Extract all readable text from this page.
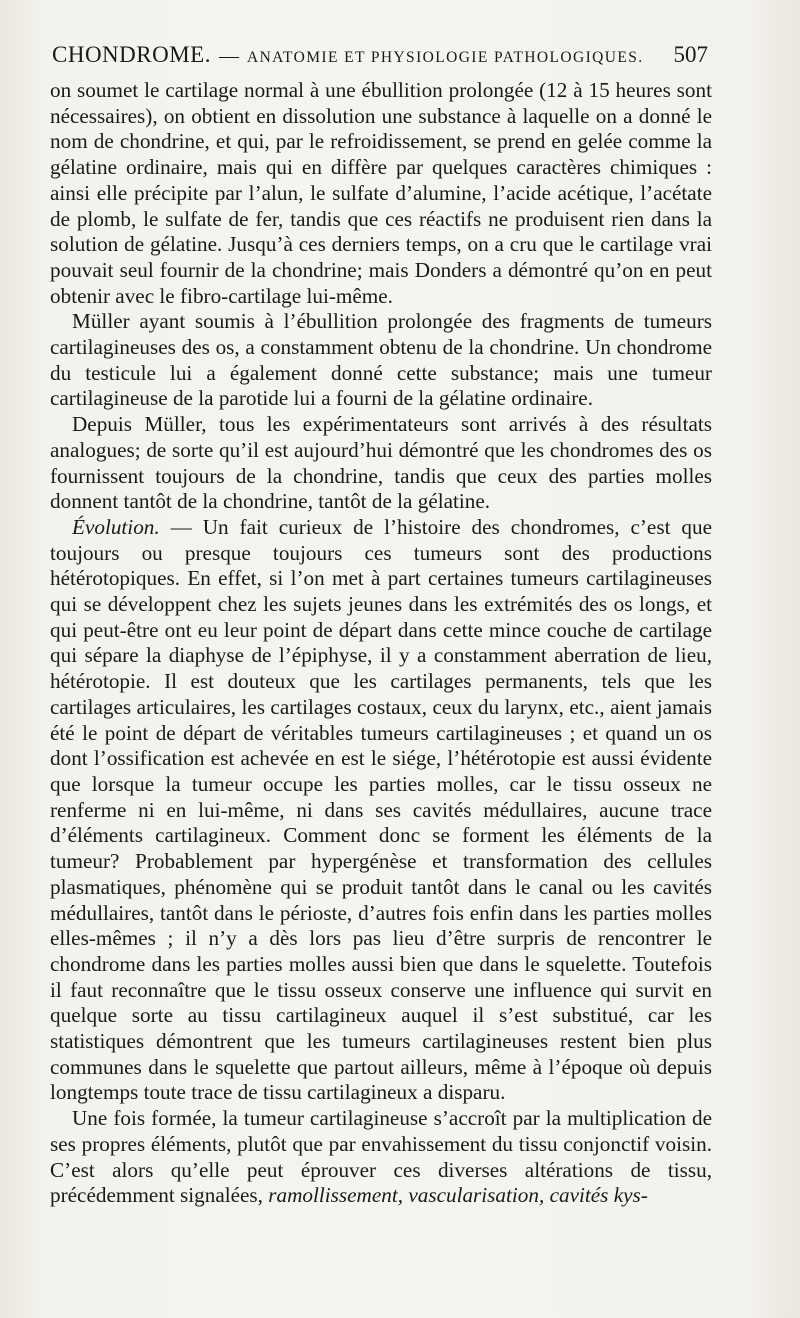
CHONDROME. — ANATOMIE ET PHYSIOLOGIE PATHOLOGIQUES. 507

on soumet le cartilage normal à une ébullition prolongée (12 à 15 heures sont nécessaires), on obtient en dissolution une substance à laquelle on a donné le nom de chondrine, et qui, par le refroidissement, se prend en gelée comme la gélatine ordinaire, mais qui en diffère par quelques caractères chimiques : ainsi elle précipite par l’alun, le sulfate d’alumine, l’acide acétique, l’acétate de plomb, le sulfate de fer, tandis que ces réactifs ne produisent rien dans la solution de gélatine. Jusqu’à ces derniers temps, on a cru que le cartilage vrai pouvait seul fournir de la chondrine; mais Donders a démontré qu’on en peut obtenir avec le fibro-cartilage lui-même.

Müller ayant soumis à l’ébullition prolongée des fragments de tumeurs cartilagineuses des os, a constamment obtenu de la chondrine. Un chondrome du testicule lui a également donné cette substance; mais une tumeur cartilagineuse de la parotide lui a fourni de la gélatine ordinaire.

Depuis Müller, tous les expérimentateurs sont arrivés à des résultats analogues; de sorte qu’il est aujourd’hui démontré que les chondromes des os fournissent toujours de la chondrine, tandis que ceux des parties molles donnent tantôt de la chondrine, tantôt de la gélatine.

Évolution. — Un fait curieux de l’histoire des chondromes, c’est que toujours ou presque toujours ces tumeurs sont des productions hétérotopiques. En effet, si l’on met à part certaines tumeurs cartilagineuses qui se développent chez les sujets jeunes dans les extrémités des os longs, et qui peut-être ont eu leur point de départ dans cette mince couche de cartilage qui sépare la diaphyse de l’épiphyse, il y a constamment aberration de lieu, hétérotopie. Il est douteux que les cartilages permanents, tels que les cartilages articulaires, les cartilages costaux, ceux du larynx, etc., aient jamais été le point de départ de véritables tumeurs cartilagineuses ; et quand un os dont l’ossification est achevée en est le siége, l’hétérotopie est aussi évidente que lorsque la tumeur occupe les parties molles, car le tissu osseux ne renferme ni en lui-même, ni dans ses cavités médullaires, aucune trace d’éléments cartilagineux. Comment donc se forment les éléments de la tumeur? Probablement par hypergénèse et transformation des cellules plasmatiques, phénomène qui se produit tantôt dans le canal ou les cavités médullaires, tantôt dans le périoste, d’autres fois enfin dans les parties molles elles-mêmes ; il n’y a dès lors pas lieu d’être surpris de rencontrer le chondrome dans les parties molles aussi bien que dans le squelette. Toutefois il faut reconnaître que le tissu osseux conserve une influence qui survit en quelque sorte au tissu cartilagineux auquel il s’est substitué, car les statistiques démontrent que les tumeurs cartilagineuses restent bien plus communes dans le squelette que partout ailleurs, même à l’époque où depuis longtemps toute trace de tissu cartilagineux a disparu.

Une fois formée, la tumeur cartilagineuse s’accroît par la multiplication de ses propres éléments, plutôt que par envahissement du tissu conjonctif voisin. C’est alors qu’elle peut éprouver ces diverses altérations de tissu, précédemment signalées, ramollissement, vascularisation, cavités kys-
